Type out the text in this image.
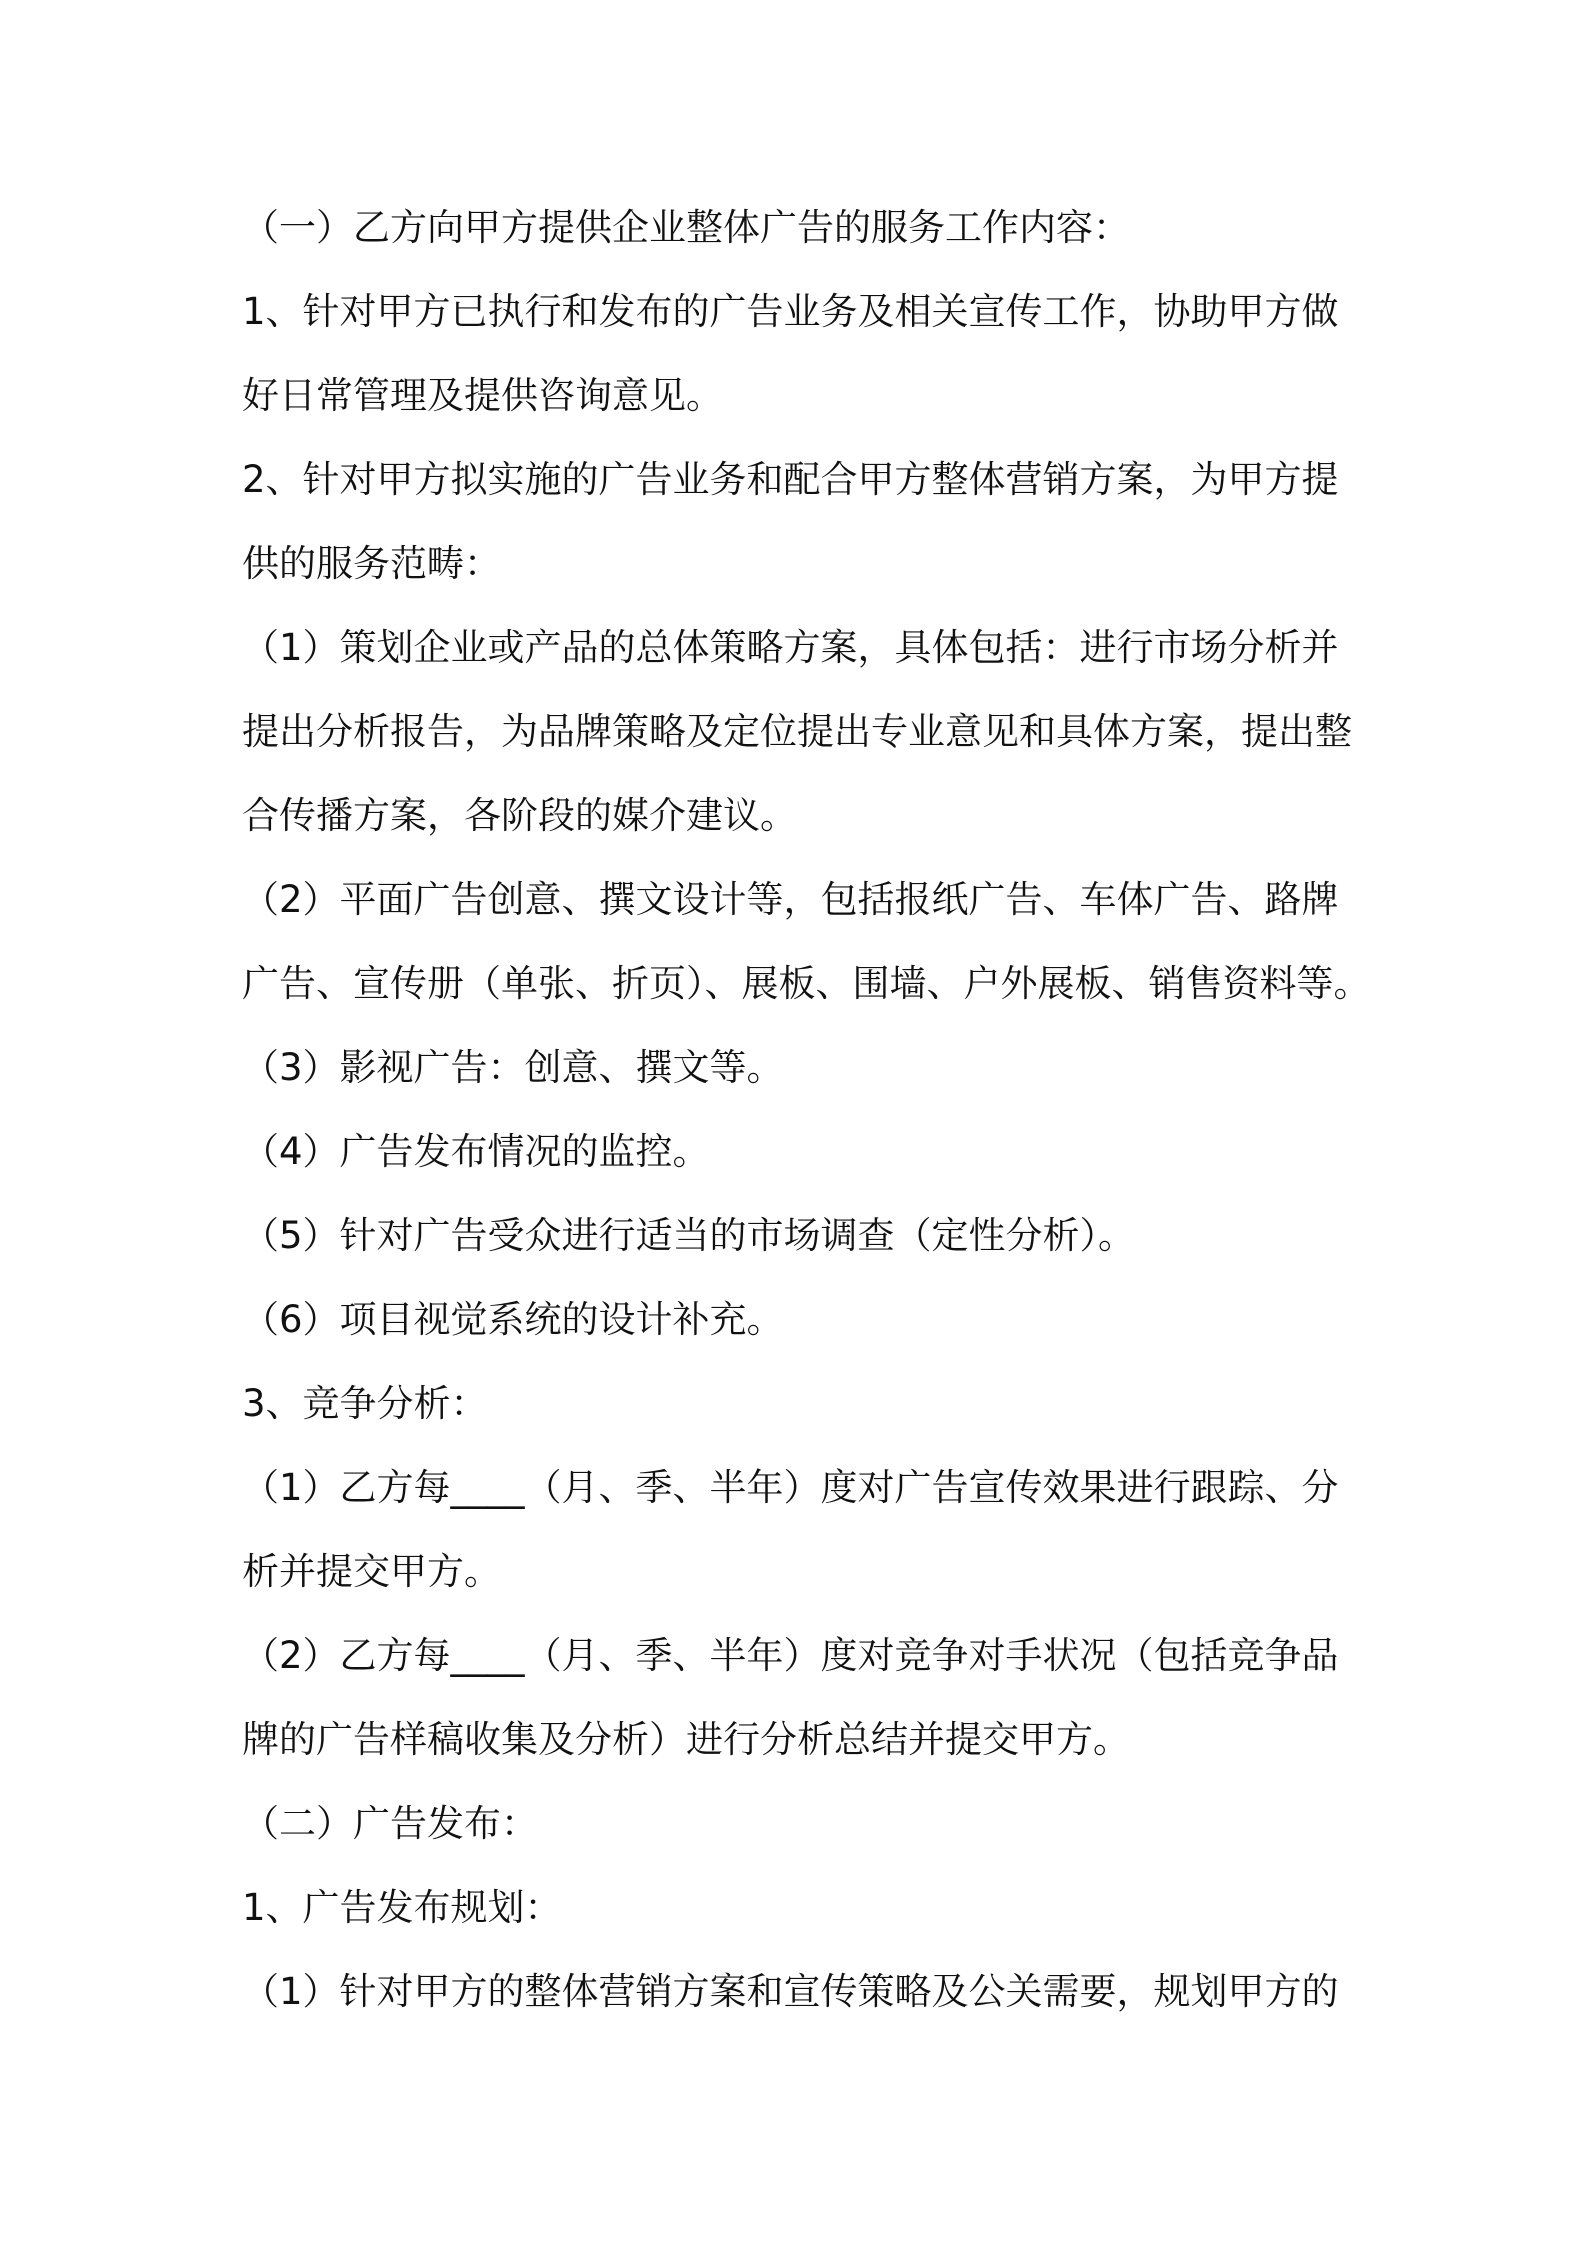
（一）乙方向甲方提供企业整体广告的服务工作内容：
1、针对甲方已执行和发布的广告业务及相关宣传工作，协助甲方做
好日常管理及提供咨询意见。
2、针对甲方拟实施的广告业务和配合甲方整体营销方案，为甲方提
供的服务范畴：
（1）策划企业或产品的总体策略方案，具体包括：进行市场分析并
提出分析报告，为品牌策略及定位提出专业意见和具体方案，提出整
合传播方案，各阶段的媒介建议。
（2）平面广告创意、撰文设计等，包括报纸广告、车体广告、路牌
广告、宣传册（单张、折页）、展板、围墙、户外展板、销售资料等。
（3）影视广告：创意、撰文等。
（4）广告发布情况的监控。
（5）针对广告受众进行适当的市场调查（定性分析）。
（6）项目视觉系统的设计补充。
3、竞争分析：
（1）乙方每____（月、季、半年）度对广告宣传效果进行跟踪、分
析并提交甲方。
（2）乙方每____（月、季、半年）度对竞争对手状况（包括竞争品
牌的广告样稿收集及分析）进行分析总结并提交甲方。
（二）广告发布：
1、广告发布规划：
（1）针对甲方的整体营销方案和宣传策略及公关需要，规划甲方的
